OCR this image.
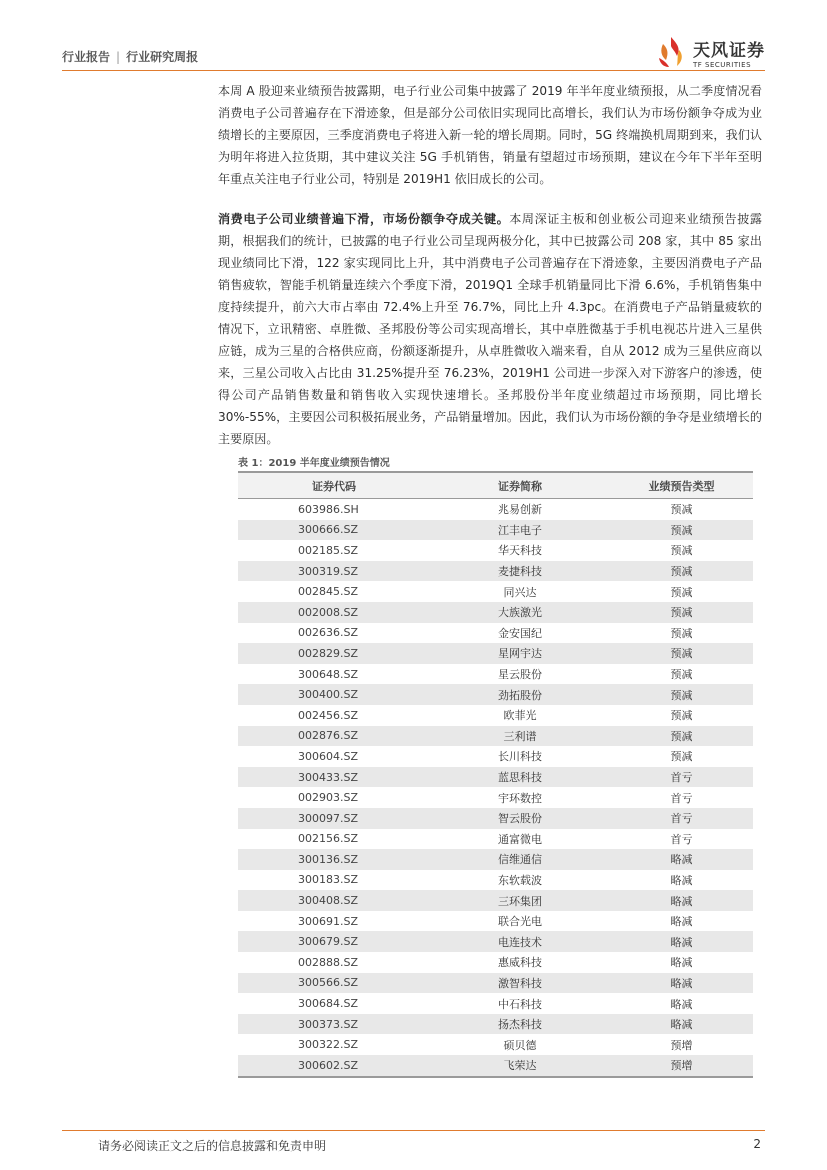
行业报告 | 行业研究周报	天风证券
TF SECURITIES

本周 A 股迎来业绩预告披露期，电子行业公司集中披露了 2019 年半年度业绩预报，从二季度情况看消费电子公司普遍存在下滑迹象，但是部分公司依旧实现同比高增长，我们认为市场份额争夺成为业绩增长的主要原因，三季度消费电子将进入新一轮的增长周期。同时，5G 终端换机周期到来，我们认为明年将进入拉货期，其中建议关注 5G 手机销售，销量有望超过市场预期，建议在今年下半年至明年重点关注电子行业公司，特别是 2019H1 依旧成长的公司。

消费电子公司业绩普遍下滑，市场份额争夺成关键。本周深证主板和创业板公司迎来业绩预告披露期，根据我们的统计，已披露的电子行业公司呈现两极分化，其中已披露公司 208 家，其中 85 家出现业绩同比下滑，122 家实现同比上升，其中消费电子公司普遍存在下滑迹象，主要因消费电子产品销售疲软，智能手机销量连续六个季度下滑，2019Q1 全球手机销量同比下滑 6.6%，手机销售集中度持续提升，前六大市占率由 72.4%上升至 76.7%，同比上升 4.3pc。在消费电子产品销量疲软的情况下，立讯精密、卓胜微、圣邦股份等公司实现高增长，其中卓胜微基于手机电视芯片进入三星供应链，成为三星的合格供应商，份额逐渐提升，从卓胜微收入端来看，自从 2012 成为三星供应商以来，三星公司收入占比由 31.25%提升至 76.23%，2019H1 公司进一步深入对下游客户的渗透，使得公司产品销售数量和销售收入实现快速增长。圣邦股份半年度业绩超过市场预期，同比增长 30%-55%，主要因公司积极拓展业务，产品销量增加。因此，我们认为市场份额的争夺是业绩增长的主要原因。

表 1：2019 半年度业绩预告情况
证券代码	证券简称	业绩预告类型
603986.SH	兆易创新	预减
300666.SZ	江丰电子	预减
002185.SZ	华天科技	预减
300319.SZ	麦捷科技	预减
002845.SZ	同兴达	预减
002008.SZ	大族激光	预减
002636.SZ	金安国纪	预减
002829.SZ	星网宇达	预减
300648.SZ	星云股份	预减
300400.SZ	劲拓股份	预减
002456.SZ	欧菲光	预减
002876.SZ	三利谱	预减
300604.SZ	长川科技	预减
300433.SZ	蓝思科技	首亏
002903.SZ	宇环数控	首亏
300097.SZ	智云股份	首亏
002156.SZ	通富微电	首亏
300136.SZ	信维通信	略减
300183.SZ	东软载波	略减
300408.SZ	三环集团	略减
300691.SZ	联合光电	略减
300679.SZ	电连技术	略减
002888.SZ	惠威科技	略减
300566.SZ	激智科技	略减
300684.SZ	中石科技	略减
300373.SZ	扬杰科技	略减
300322.SZ	硕贝德	预增
300602.SZ	飞荣达	预增
请务必阅读正文之后的信息披露和免责申明	2
